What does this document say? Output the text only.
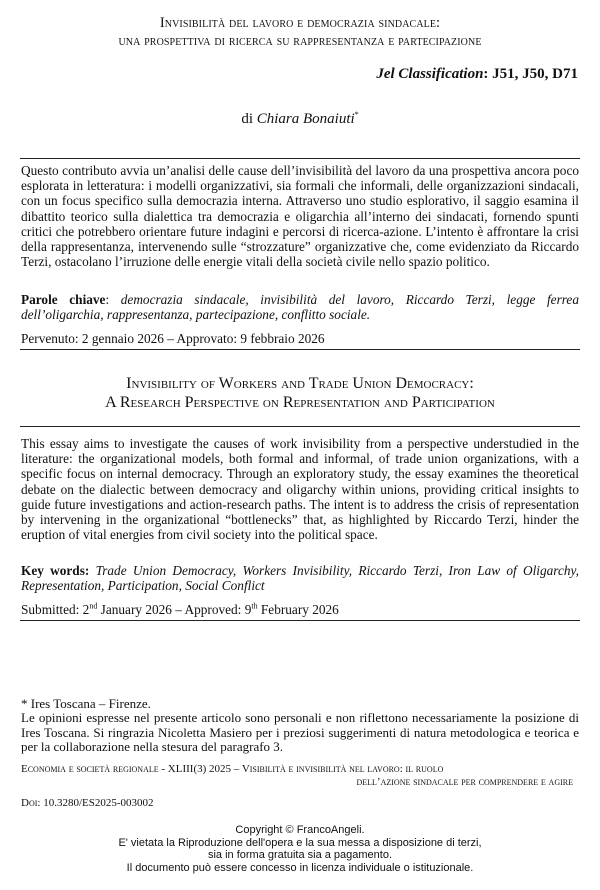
Invisibilità del lavoro e democrazia sindacale:
una prospettiva di ricerca su rappresentanza e partecipazione
Jel Classification: J51, J50, D71
di Chiara Bonaiuti*

Questo contributo avvia un’analisi delle cause dell’invisibilità del lavoro da una prospettiva ancora poco esplorata in letteratura: i modelli organizzativi, sia formali che informali, delle organizzazioni sindacali, con un focus specifico sulla democrazia interna. Attraverso uno studio esplorativo, il saggio esamina il dibattito teorico sulla dialettica tra democrazia e oligarchia all’interno dei sindacati, fornendo spunti critici che potrebbero orientare future indagini e percorsi di ricerca-azione. L’intento è affrontare la crisi della rappresentanza, intervenendo sulle “strozzature” organizzative che, come evidenziato da Riccardo Terzi, ostacolano l’irruzione delle energie vitali della società civile nello spazio politico.

Parole chiave: democrazia sindacale, invisibilità del lavoro, Riccardo Terzi, legge ferrea dell’oligarchia, rappresentanza, partecipazione, conflitto sociale.

Pervenuto: 2 gennaio 2026 – Approvato: 9 febbraio 2026
Invisibility of Workers and Trade Union Democracy:
A Research Perspective on Representation and Participation

This essay aims to investigate the causes of work invisibility from a perspective understudied in the literature: the organizational models, both formal and informal, of trade union organizations, with a specific focus on internal democracy. Through an exploratory study, the essay examines the theoretical debate on the dialectic between democracy and oligarchy within unions, providing critical insights to guide future investigations and action-research paths. The intent is to address the crisis of representation by intervening in the organizational “bottlenecks” that, as highlighted by Riccardo Terzi, hinder the eruption of vital energies from civil society into the political space.

Key words: Trade Union Democracy, Workers Invisibility, Riccardo Terzi, Iron Law of Oligarchy, Representation, Participation, Social Conflict

Submitted: 2nd January 2026 – Approved: 9th February 2026
* Ires Toscana – Firenze.
Le opinioni espresse nel presente articolo sono personali e non riflettono necessariamente la posizione di Ires Toscana. Si ringrazia Nicoletta Masiero per i preziosi suggerimenti di natura metodologica e teorica e per la collaborazione nella stesura del paragrafo 3.
Economia e società regionale - XLIII(3) 2025 – Visibilità e invisibilità nel lavoro: il ruolo
dell’azione sindacale per comprendere e agire
Doi: 10.3280/ES2025-003002
Copyright © FrancoAngeli.
E' vietata la Riproduzione dell'opera e la sua messa a disposizione di terzi,
sia in forma gratuita sia a pagamento.
Il documento può essere concesso in licenza individuale o istituzionale.
